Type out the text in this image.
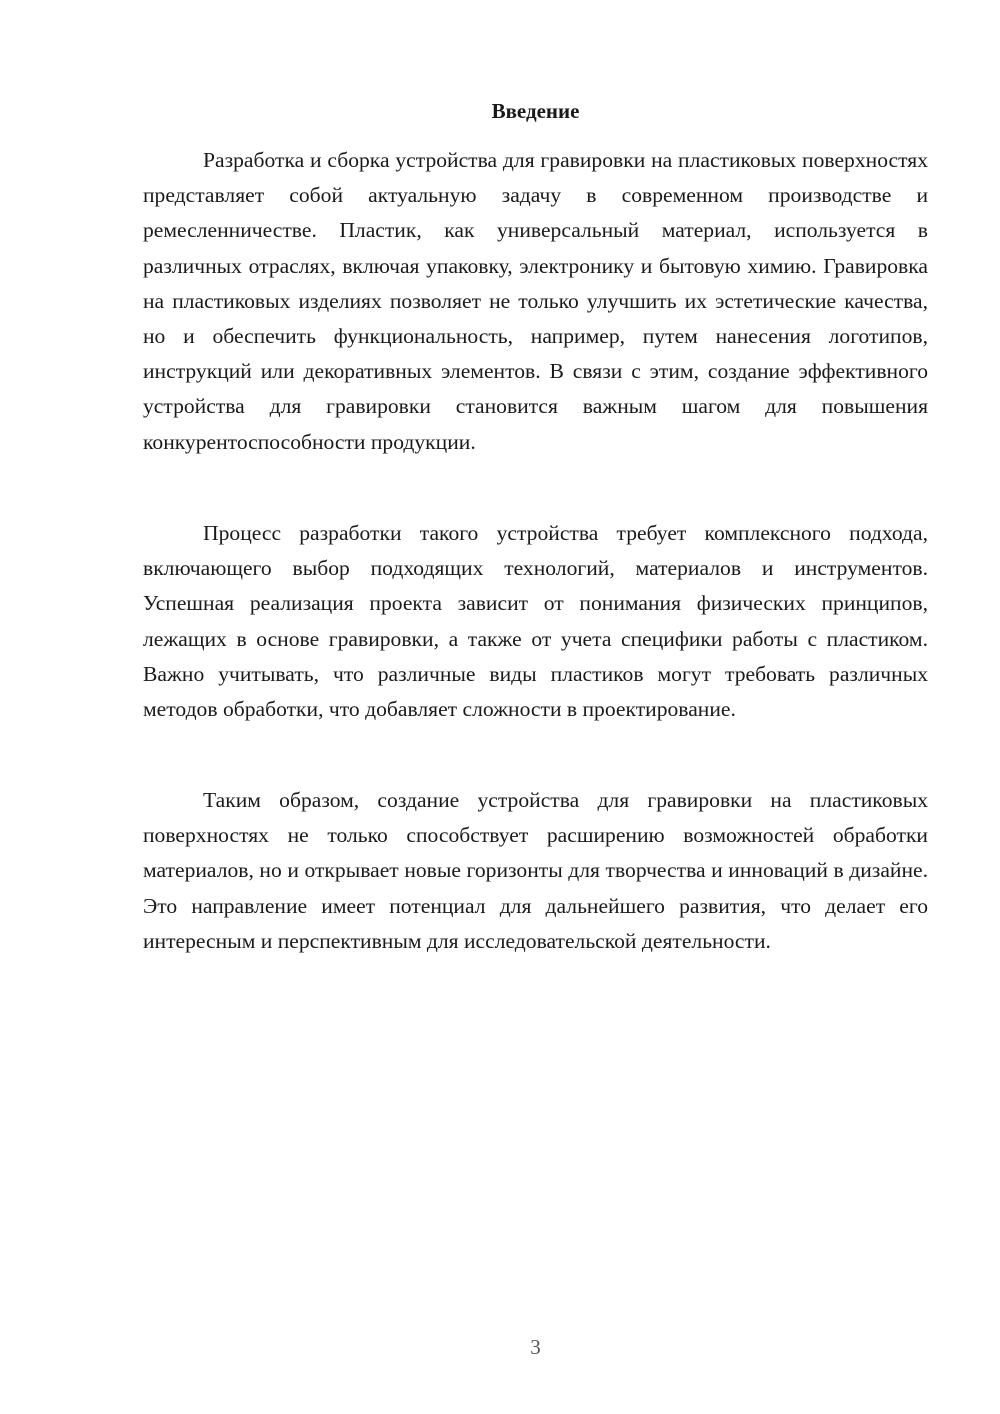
Введение

Разработка и сборка устройства для гравировки на пластиковых поверхностях представляет собой актуальную задачу в современном производстве и ремесленничестве. Пластик, как универсальный материал, используется в различных отраслях, включая упаковку, электронику и бытовую химию. Гравировка на пластиковых изделиях позволяет не только улучшить их эстетические качества, но и обеспечить функциональность, например, путем нанесения логотипов, инструкций или декоративных элементов. В связи с этим, создание эффективного устройства для гравировки становится важным шагом для повышения конкурентоспособности продукции.

Процесс разработки такого устройства требует комплексного подхода, включающего выбор подходящих технологий, материалов и инструментов. Успешная реализация проекта зависит от понимания физических принципов, лежащих в основе гравировки, а также от учета специфики работы с пластиком. Важно учитывать, что различные виды пластиков могут требовать различных методов обработки, что добавляет сложности в проектирование.

Таким образом, создание устройства для гравировки на пластиковых поверхностях не только способствует расширению возможностей обработки материалов, но и открывает новые горизонты для творчества и инноваций в дизайне. Это направление имеет потенциал для дальнейшего развития, что делает его интересным и перспективным для исследовательской деятельности.

3
